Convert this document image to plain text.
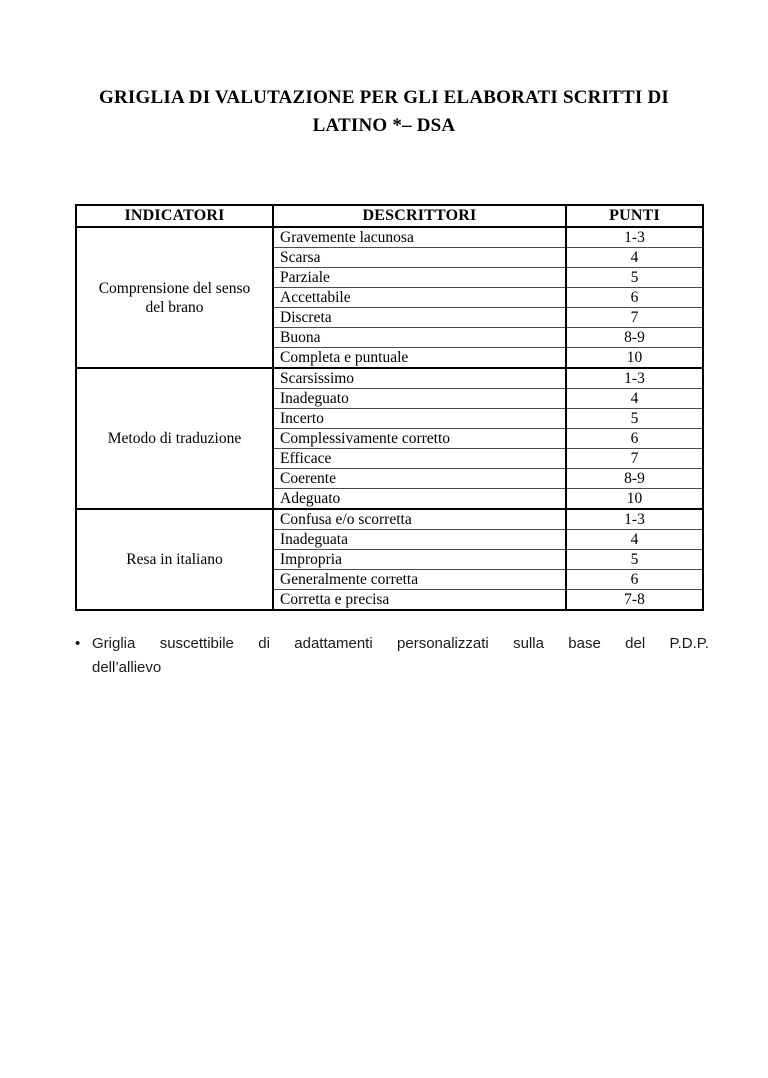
GRIGLIA DI VALUTAZIONE PER GLI ELABORATI SCRITTI DI
LATINO *– DSA
INDICATORI	DESCRITTORI	PUNTI

Comprensione del senso
del brano	Gravemente lacunosa	1-3
	Scarsa	4
	Parziale	5
	Accettabile	6
	Discreta	7
	Buona	8-9
	Completa e puntuale	10

Metodo di traduzione	Scarsissimo	1-3
	Inadeguato	4
	Incerto	5
	Complessivamente corretto	6
	Efficace	7
	Coerente	8-9
	Adeguato	10

Resa in italiano	Confusa e/o scorretta	1-3
	Inadeguata	4
	Impropria	5
	Generalmente corretta	6
	Corretta e precisa	7-8
• Griglia suscettibile di adattamenti personalizzati sulla base del P.D.P.
dell’allievo
